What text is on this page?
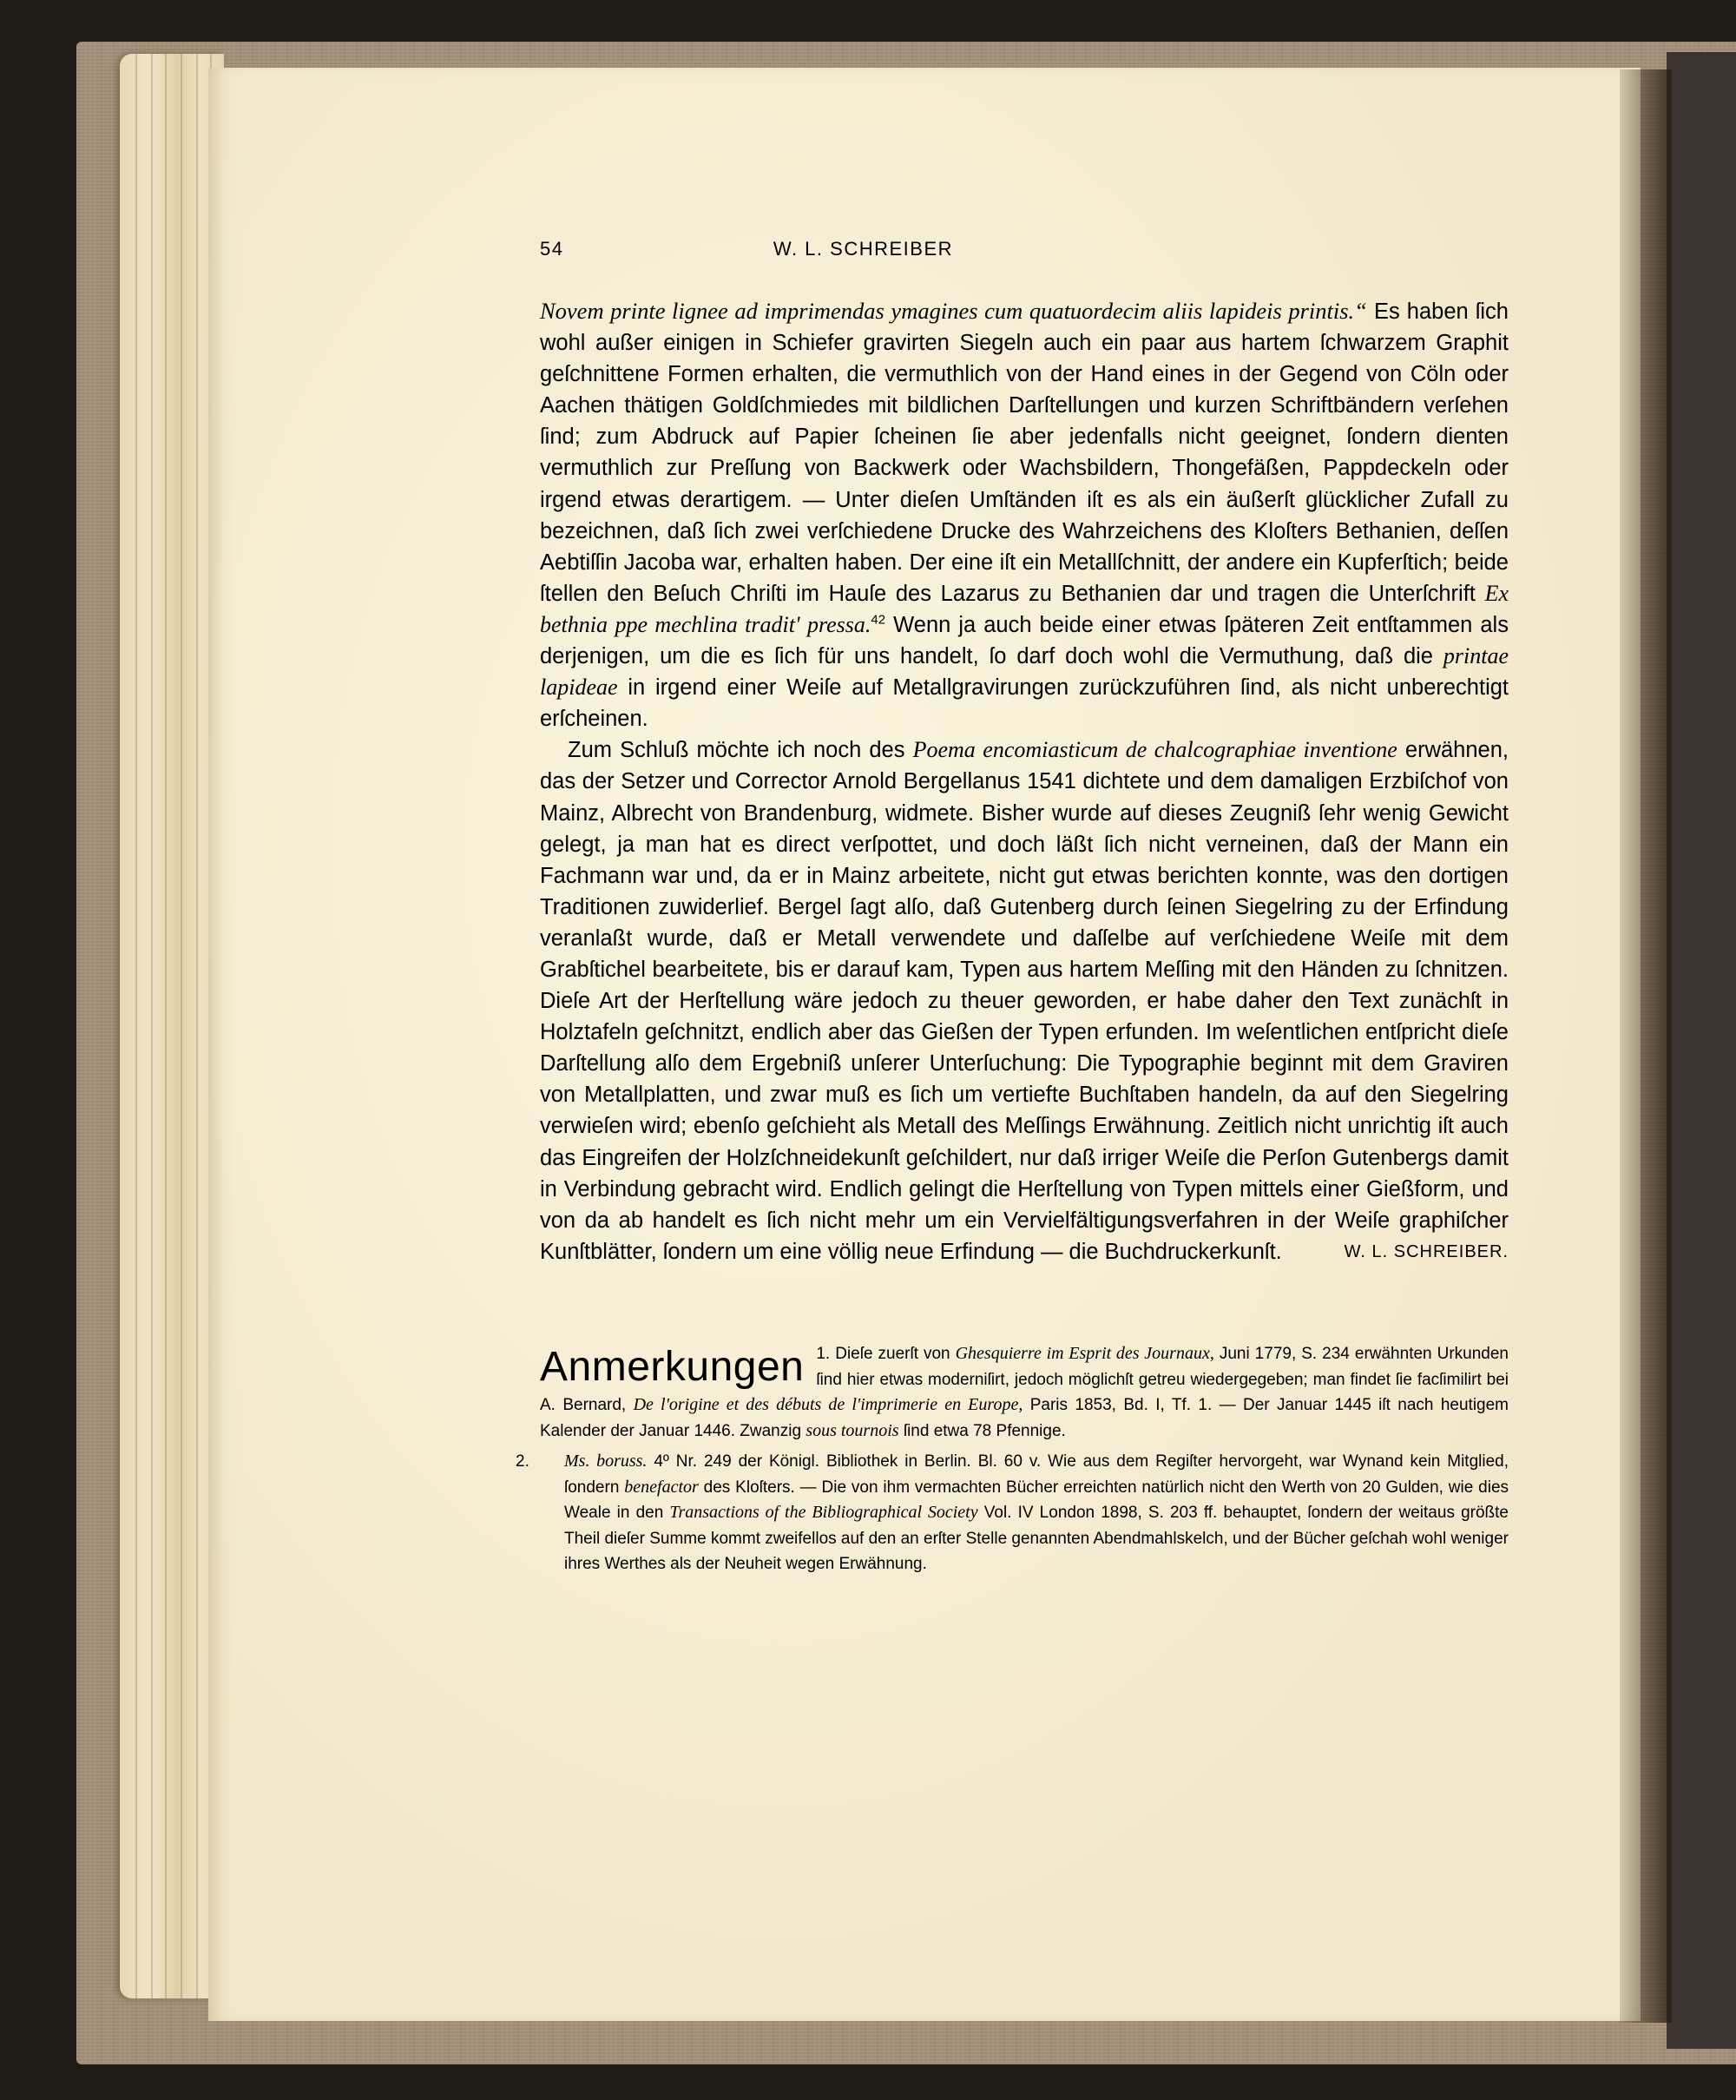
54	W. L. SCHREIBER

Novem printe lignee ad imprimendas ymagines cum quatuordecim aliis lapideis printis.“ Es haben ſich wohl außer einigen in Schiefer gravirten Siegeln auch ein paar aus hartem ſchwarzem Graphit geſchnittene Formen erhalten, die vermuthlich von der Hand eines in der Gegend von Cöln oder Aachen thätigen Goldſchmiedes mit bildlichen Darſtellungen und kurzen Schriftbändern verſehen ſind; zum Abdruck auf Papier ſcheinen ſie aber jedenfalls nicht geeignet, ſondern dienten vermuthlich zur Preſſung von Backwerk oder Wachsbildern, Thongefäßen, Pappdeckeln oder irgend etwas derartigem. — Unter dieſen Umſtänden iſt es als ein äußerſt glücklicher Zufall zu bezeichnen, daß ſich zwei verſchiedene Drucke des Wahrzeichens des Kloſters Bethanien, deſſen Aebtiſſin Jacoba war, erhalten haben. Der eine iſt ein Metallſchnitt, der andere ein Kupferſtich; beide ſtellen den Beſuch Chriſti im Hauſe des Lazarus zu Bethanien dar und tragen die Unterſchrift Ex bethnia ppe mechlina tradit' pressa.$^{42}$ Wenn ja auch beide einer etwas ſpäteren Zeit entſtammen als derjenigen, um die es ſich für uns handelt, ſo darf doch wohl die Vermuthung, daß die printae lapideae in irgend einer Weiſe auf Metallgravirungen zurückzuführen ſind, als nicht unberechtigt erſcheinen.

Zum Schluß möchte ich noch des Poema encomiasticum de chalcographiae inventione erwähnen, das der Setzer und Corrector Arnold Bergellanus 1541 dichtete und dem damaligen Erzbiſchof von Mainz, Albrecht von Brandenburg, widmete. Bisher wurde auf dieses Zeugniß ſehr wenig Gewicht gelegt, ja man hat es direct verſpottet, und doch läßt ſich nicht verneinen, daß der Mann ein Fachmann war und, da er in Mainz arbeitete, nicht gut etwas berichten konnte, was den dortigen Traditionen zuwiderlief. Bergel ſagt alſo, daß Gutenberg durch ſeinen Siegelring zu der Erfindung veranlaßt wurde, daß er Metall verwendete und daſſelbe auf verſchiedene Weiſe mit dem Grabſtichel bearbeitete, bis er darauf kam, Typen aus hartem Meſſing mit den Händen zu ſchnitzen. Dieſe Art der Herſtellung wäre jedoch zu theuer geworden, er habe daher den Text zunächſt in Holztafeln geſchnitzt, endlich aber das Gießen der Typen erfunden. Im weſentlichen entſpricht dieſe Darſtellung alſo dem Ergebniß unſerer Unterſuchung: Die Typographie beginnt mit dem Graviren von Metallplatten, und zwar muß es ſich um vertiefte Buchſtaben handeln, da auf den Siegelring verwieſen wird; ebenſo geſchieht als Metall des Meſſings Erwähnung. Zeitlich nicht unrichtig iſt auch das Eingreifen der Holzſchneidekunſt geſchildert, nur daß irriger Weiſe die Perſon Gutenbergs damit in Verbindung gebracht wird. Endlich gelingt die Herſtellung von Typen mittels einer Gießform, und von da ab handelt es ſich nicht mehr um ein Vervielfältigungsverfahren in der Weiſe graphiſcher Kunſtblätter, ſondern um eine völlig neue Erfindung — die Buchdruckerkunſt.	W. L. SCHREIBER.

Anmerkungen 1. Dieſe zuerſt von Ghesquierre im Esprit des Journaux, Juni 1779, S. 234 erwähnten Urkunden ſind hier etwas moderniſirt, jedoch möglichſt getreu wiedergegeben; man findet ſie facſimilirt bei A. Bernard, De l'origine et des débuts de l'imprimerie en Europe, Paris 1853, Bd. I, Tf. 1. — Der Januar 1445 iſt nach heutigem Kalender der Januar 1446. Zwanzig sous tournois ſind etwa 78 Pfennige.

2. Ms. boruss. 4º Nr. 249 der Königl. Bibliothek in Berlin. Bl. 60 v. Wie aus dem Regiſter hervorgeht, war Wynand kein Mitglied, ſondern benefactor des Kloſters. — Die von ihm vermachten Bücher erreichten natürlich nicht den Werth von 20 Gulden, wie dies Weale in den Transactions of the Bibliographical Society Vol. IV London 1898, S. 203 ff. behauptet, ſondern der weitaus größte Theil dieſer Summe kommt zweifellos auf den an erſter Stelle genannten Abendmahlskelch, und der Bücher geſchah wohl weniger ihres Werthes als der Neuheit wegen Erwähnung.
